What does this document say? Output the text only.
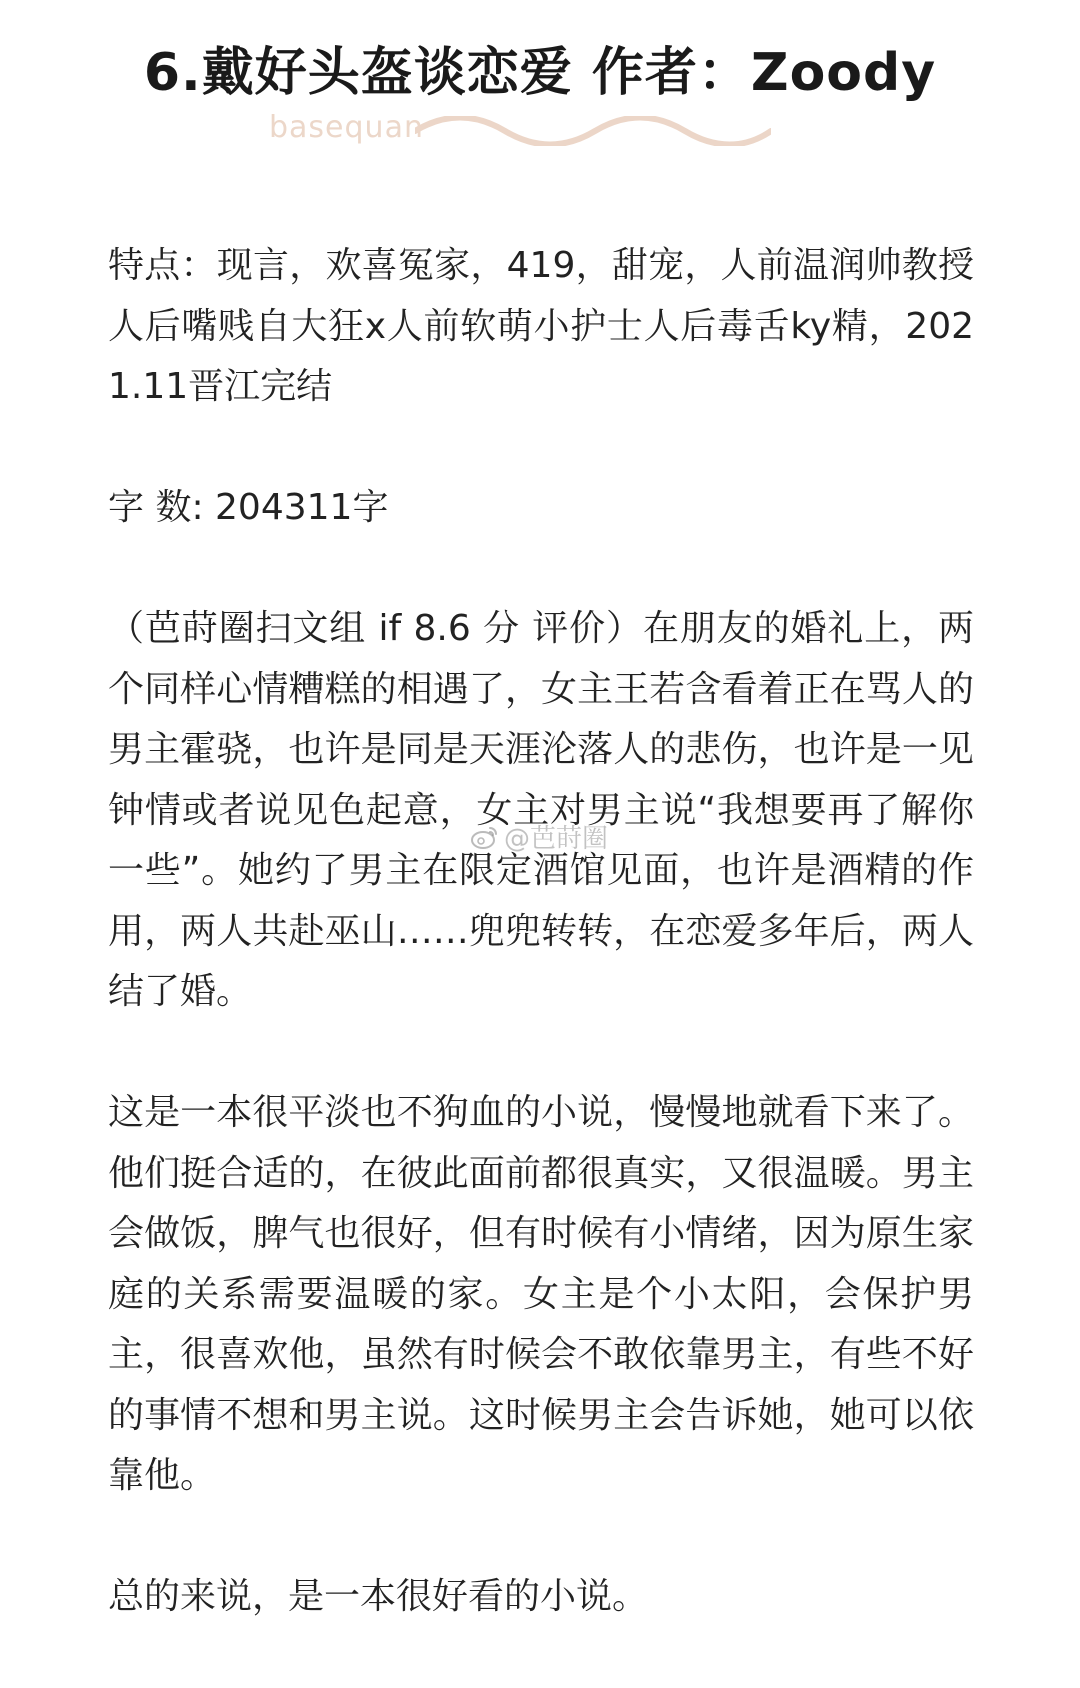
6.戴好头盔谈恋爱 作者：Zoody
basequan

特点：现言，欢喜冤家，419，甜宠，人前温润帅教授人后嘴贱自大狂x人前软萌小护士人后毒舌ky精，2021.11晋江完结

字 数: 204311字

（芭莳圈扫文组 if 8.6 分 评价）在朋友的婚礼上，两个同样心情糟糕的相遇了，女主王若含看着正在骂人的男主霍骁，也许是同是天涯沦落人的悲伤，也许是一见钟情或者说见色起意，女主对男主说“我想要再了解你一些”。她约了男主在限定酒馆见面，也许是酒精的作用，两人共赴巫山……兜兜转转，在恋爱多年后，两人结了婚。

这是一本很平淡也不狗血的小说，慢慢地就看下来了。他们挺合适的，在彼此面前都很真实，又很温暖。男主会做饭，脾气也很好，但有时候有小情绪，因为原生家庭的关系需要温暖的家。女主是个小太阳，会保护男主，很喜欢他，虽然有时候会不敢依靠男主，有些不好的事情不想和男主说。这时候男主会告诉她，她可以依靠他。

总的来说，是一本很好看的小说。

@芭莳圈
